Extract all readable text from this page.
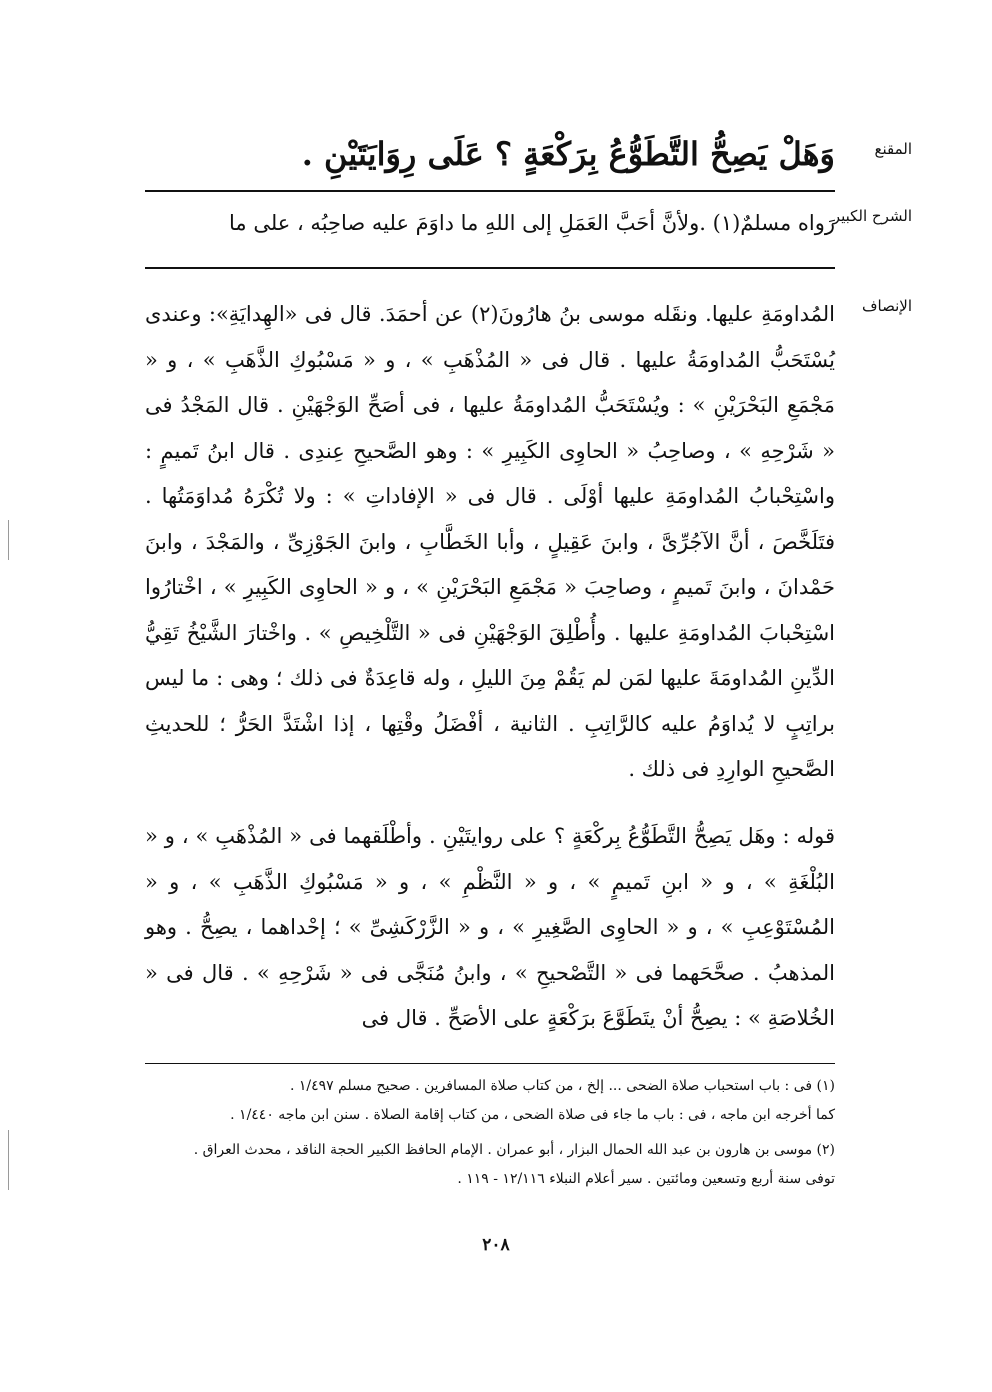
المقنع
وَهَلْ يَصِحُّ التَّطَوُّعُ بِرَكْعَةٍ ؟ عَلَى رِوَايَتَيْنِ .
الشرح الكبير
رَواه مسلمٌ(١) .ولأنَّ أحَبَّ العَمَلِ إلى اللهِ ما داوَمَ عليه صاحِبُه ، على ما
الإنصاف
المُداومَةِ عليها. ونقَله موسى بنُ هارُونَ(٢) عن أحمَدَ. قال فى «الهِدايَةِ»: وعندى يُسْتَحَبُّ المُداومَةُ عليها . قال فى « المُذْهَبِ » ، و « مَسْبُوكِ الذَّهَبِ » ، و « مَجْمَعِ البَحْرَيْنِ » : ويُسْتَحَبُّ المُداومَةُ عليها ، فى أصَحِّ الوَجْهَيْنِ . قال المَجْدُ فى « شَرْحِهِ » ، وصاحِبُ « الحاوِى الكَبِيرِ » : وهو الصَّحيحِ عِندِى . قال ابنُ تَميمٍ : واسْتِحْبابُ المُداومَةِ عليها أوْلَى . قال فى « الإفاداتِ » : ولا تُكْرَهُ مُداوَمَتُها . فتَلَخَّصَ ، أنَّ الآجُرِّىَّ ، وابنَ عَقِيلٍ ، وأبا الخَطَّابِ ، وابنَ الجَوْزِىِّ ، والمَجْدَ ، وابنَ حَمْدانَ ، وابنَ تَميمٍ ، وصاحِبَ « مَجْمَعِ البَحْرَيْنِ » ، و « الحاوِى الكَبِيرِ » ، اخْتارُوا اسْتِحْبابَ المُداومَةِ عليها . وأُطْلِقَ الوَجْهَيْنِ فى « التَّلْخِيصِ » . واخْتارَ الشَّيْخُ تَقِيُّ الدِّينِ المُداومَةَ عليها لمَن لم يَقُمْ مِنَ الليلِ ، وله قاعِدَةٌ فى ذلك ؛ وهى : ما ليس براتِبٍ لا يُداوَمُ عليه كالرَّاتِبِ . الثانية ، أفْضَلُ وقْتِها ، إذا اشْتَدَّ الحَرُّ ؛ للحديثِ الصَّحيحِ الوارِدِ فى ذلك .
قوله : وهَل يَصِحُّ التَّطَوُّعُ بِركْعَةٍ ؟ على روايتَيْنِ . وأطْلَقهما فى « المُذْهَبِ » ، و « البُلْغَةِ » ، و « ابنِ تَميمٍ » ، و « النَّظْمِ » ، و « مَسْبُوكِ الذَّهَبِ » ، و « المُسْتَوْعِبِ » ، و « الحاوِى الصَّغِيرِ » ، و « الزَّرْكَشِىِّ » ؛ إحْداهما ، يصِحُّ . وهو المذهبُ . صحَّحَهما فى « التَّصْحيحِ » ، وابنُ مُنَجَّى فى « شَرْحِهِ » . قال فى « الخُلاصَةِ » : يصِحُّ أنْ يتَطَوَّعَ برَكْعَةٍ على الأصَحِّ . قال فى
(١) فى : باب استحباب صلاة الضحى ... إلخ ، من كتاب صلاة المسافرين . صحيح مسلم ١/٤٩٧ .
كما أخرجه ابن ماجه ، فى : باب ما جاء فى صلاة الضحى ، من كتاب إقامة الصلاة . سنن ابن ماجه ١/٤٤٠ .
(٢) موسى بن هارون بن عبد الله الحمال البزار ، أبو عمران . الإمام الحافظ الكبير الحجة الناقد ، محدث العراق .
توفى سنة أربع وتسعين ومائتين . سير أعلام النبلاء ١٢/١١٦ - ١١٩ .
٢٠٨
